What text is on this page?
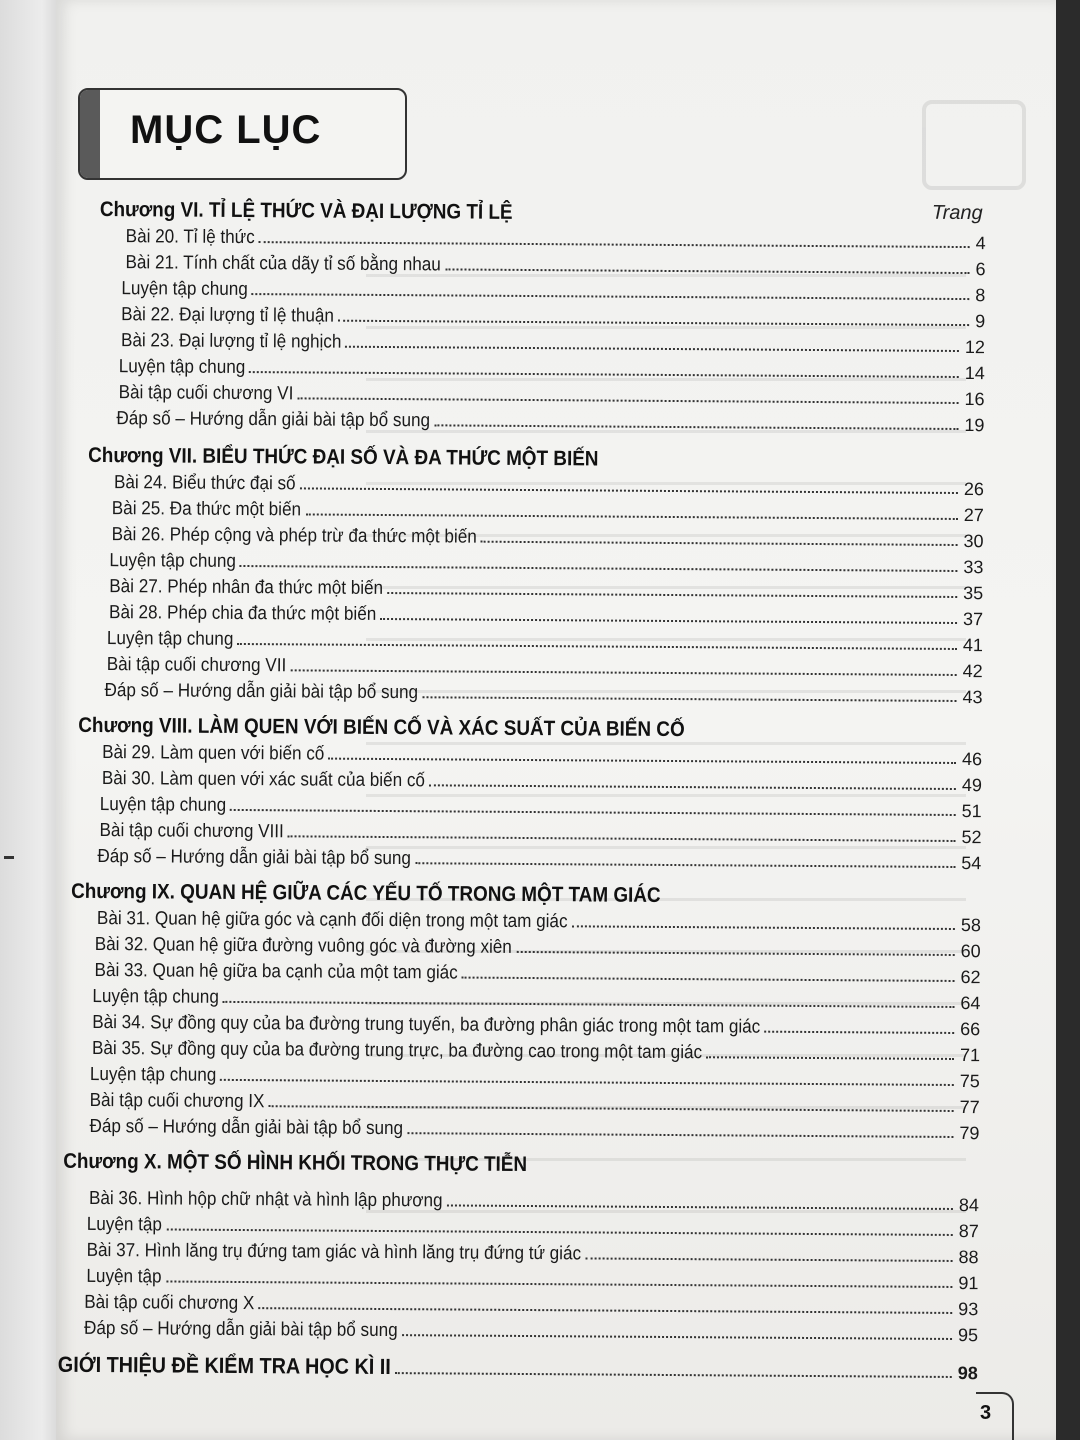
3
MỤC LỤC
Trang
Chương VI. TỈ LỆ THỨC VÀ ĐẠI LƯỢNG TỈ LỆ
Bài 20. Tỉ lệ thức	4
Bài 21. Tính chất của dãy tỉ số bằng nhau	6
Luyện tập chung	8
Bài 22. Đại lượng tỉ lệ thuận	9
Bài 23. Đại lượng tỉ lệ nghịch	12
Luyện tập chung	14
Bài tập cuối chương VI	16
Đáp số – Hướng dẫn giải bài tập bổ sung	19
Chương VII. BIỂU THỨC ĐẠI SỐ VÀ ĐA THỨC MỘT BIẾN
Bài 24. Biểu thức đại số	26
Bài 25. Đa thức một biến	27
Bài 26. Phép cộng và phép trừ đa thức một biến	30
Luyện tập chung	33
Bài 27. Phép nhân đa thức một biến	35
Bài 28. Phép chia đa thức một biến	37
Luyện tập chung	41
Bài tập cuối chương VII	42
Đáp số – Hướng dẫn giải bài tập bổ sung	43
Chương VIII. LÀM QUEN VỚI BIẾN CỐ VÀ XÁC SUẤT CỦA BIẾN CỐ
Bài 29. Làm quen với biến cố	46
Bài 30. Làm quen với xác suất của biến cố	49
Luyện tập chung	51
Bài tập cuối chương VIII	52
Đáp số – Hướng dẫn giải bài tập bổ sung	54
Chương IX. QUAN HỆ GIỮA CÁC YẾU TỐ TRONG MỘT TAM GIÁC
Bài 31. Quan hệ giữa góc và cạnh đối diện trong một tam giác	58
Bài 32. Quan hệ giữa đường vuông góc và đường xiên	60
Bài 33. Quan hệ giữa ba cạnh của một tam giác	62
Luyện tập chung	64
Bài 34. Sự đồng quy của ba đường trung tuyến, ba đường phân giác trong một tam giác	66
Bài 35. Sự đồng quy của ba đường trung trực, ba đường cao trong một tam giác	71
Luyện tập chung	75
Bài tập cuối chương IX	77
Đáp số – Hướng dẫn giải bài tập bổ sung	79
Chương X. MỘT SỐ HÌNH KHỐI TRONG THỰC TIỄN
Bài 36. Hình hộp chữ nhật và hình lập phương	84
Luyện tập	87
Bài 37. Hình lăng trụ đứng tam giác và hình lăng trụ đứng tứ giác	88
Luyện tập	91
Bài tập cuối chương X	93
Đáp số – Hướng dẫn giải bài tập bổ sung	95
GIỚI THIỆU ĐỀ KIỂM TRA HỌC KÌ II	98
